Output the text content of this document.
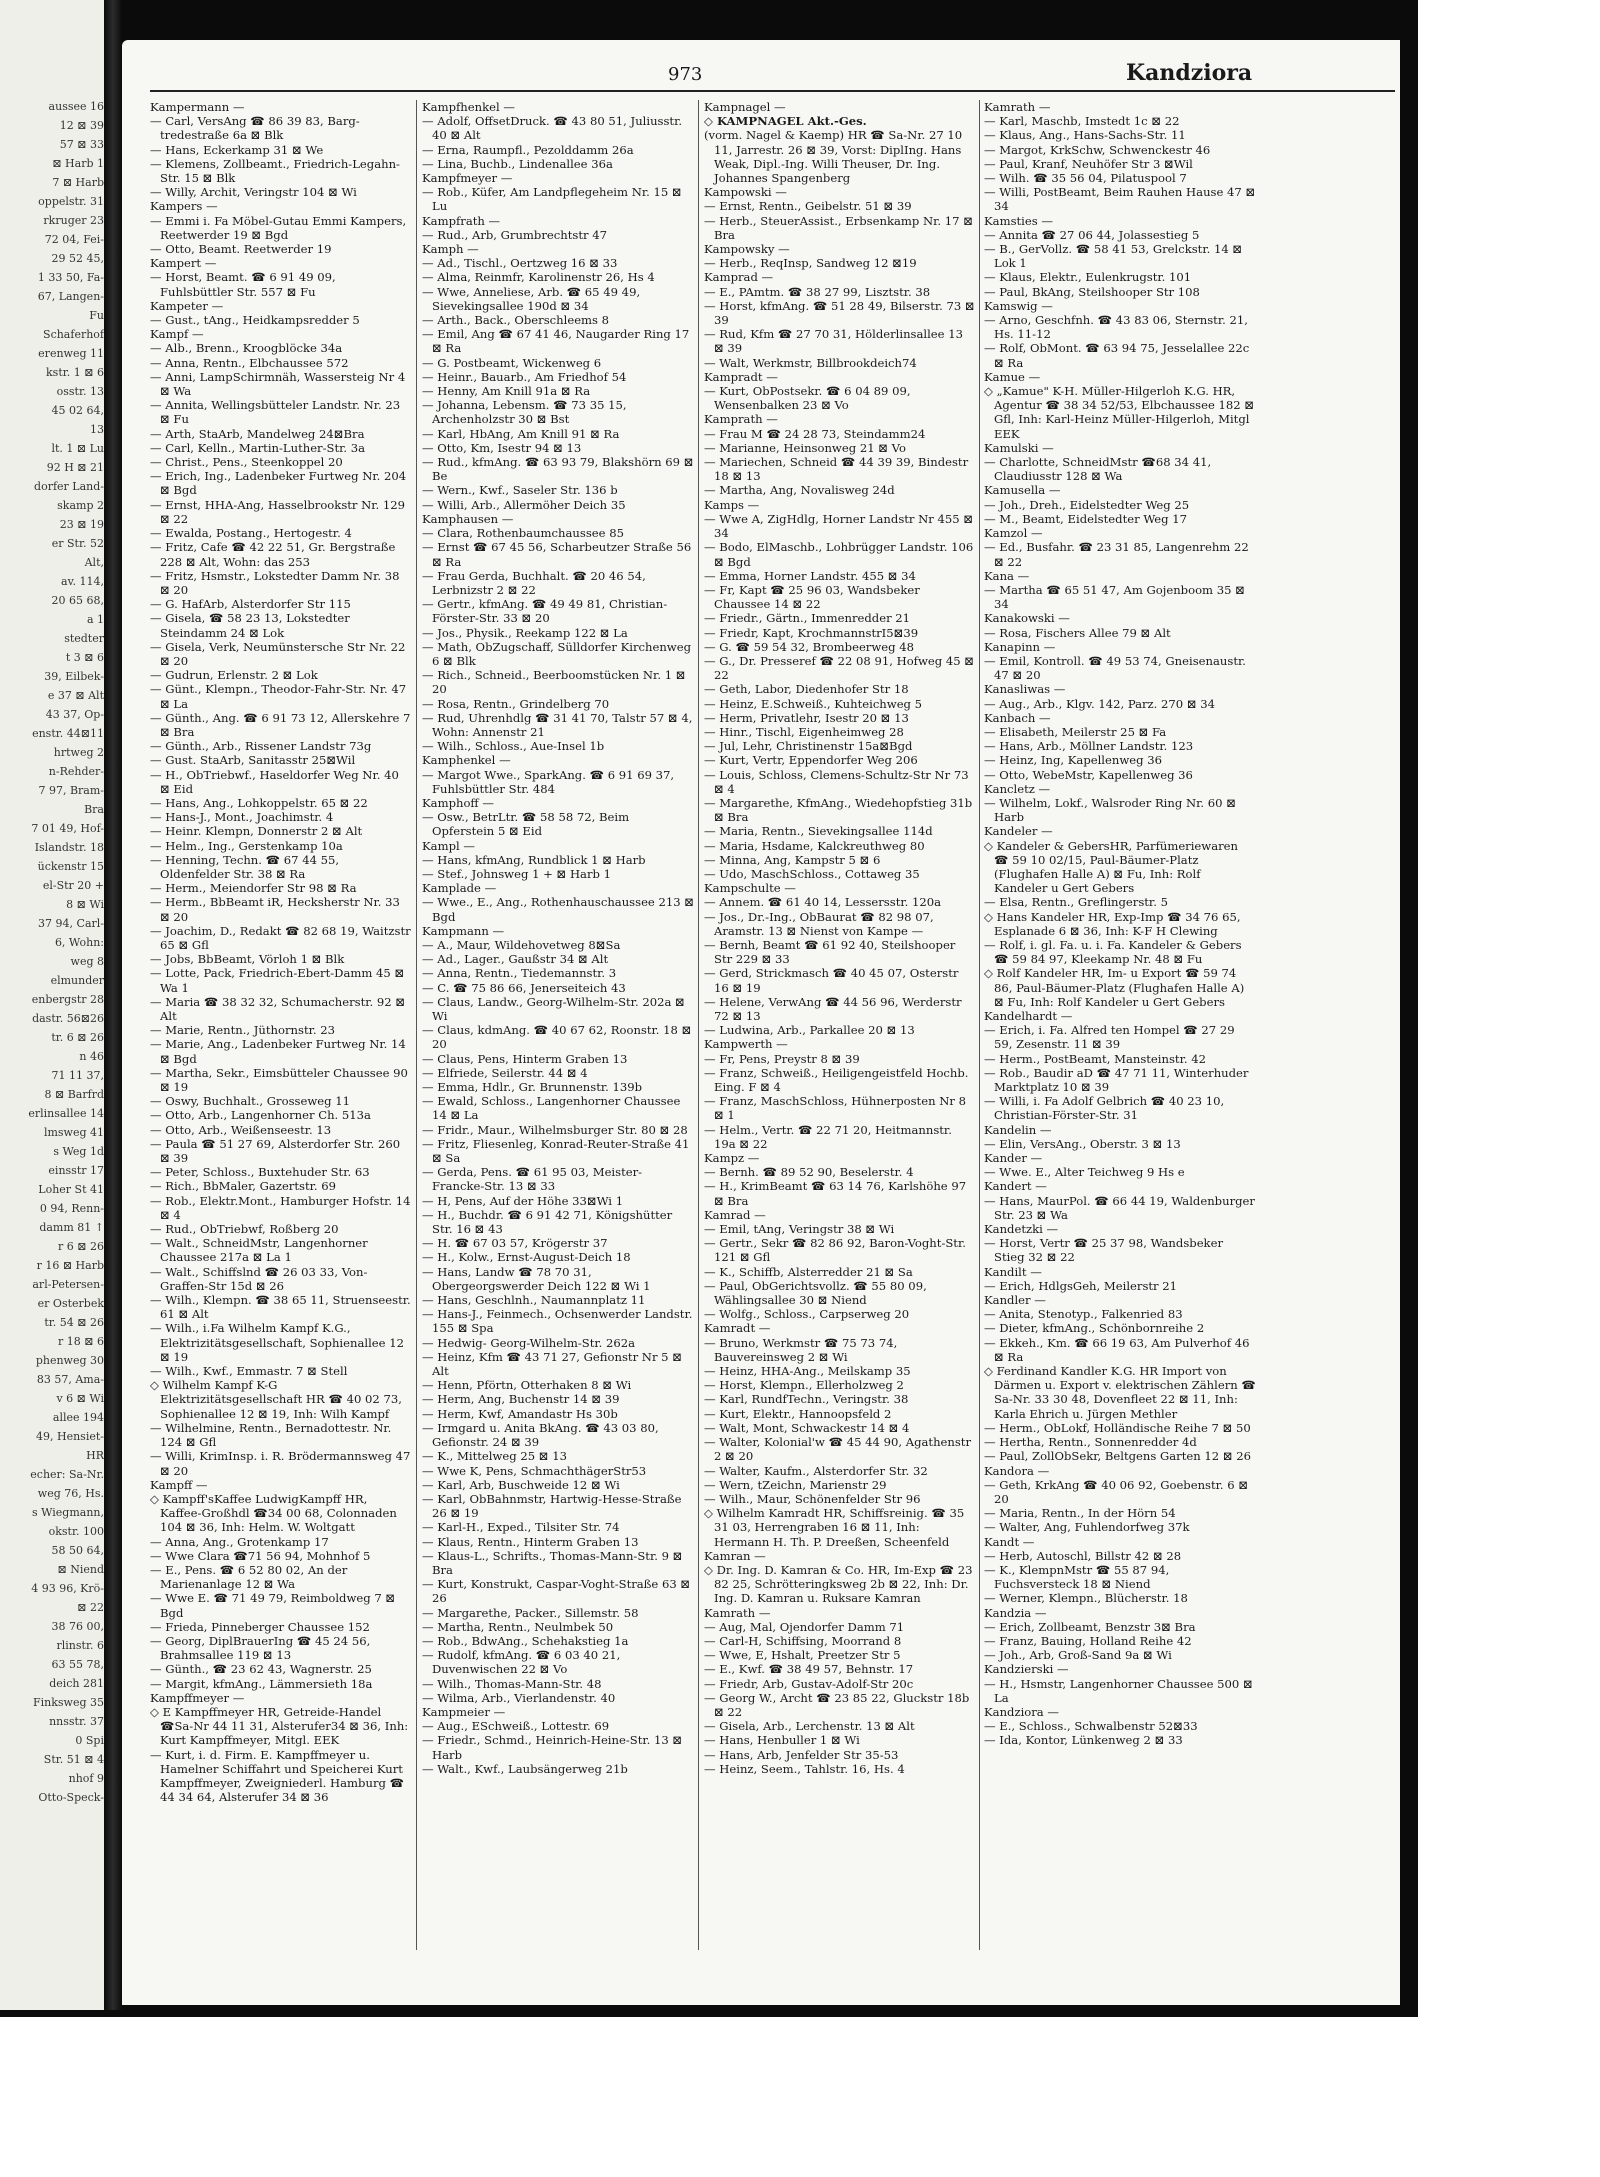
aussee 16
12 ⊠ 39
57 ⊠ 33
⊠ Harb 1
7 ⊠ Harb
oppelstr. 31
rkruger 23
72 04, Fei-
29 52 45,
1 33 50, Fa-
67, Langen-
Fu
Schaferhof
erenweg 11
kstr. 1 ⊠ 6
osstr. 13
45 02 64,
13
lt. 1 ⊠ Lu
92 H ⊠ 21
dorfer Land-
skamp 2
23 ⊠ 19
er Str. 52
Alt,
av. 114,
20 65 68,
a 1
stedter
t 3 ⊠ 6
39, Eilbek-
e 37 ⊠ Alt
43 37, Op-
enstr. 44⊠11
hrtweg 2
n-Rehder-
7 97, Bram-
Bra
7 01 49, Hof-
Islandstr. 18
ückenstr 15
el-Str 20 +
8 ⊠ Wi
37 94, Carl-
6, Wohn:
weg 8
elmunder
enbergstr 28
dastr. 56⊠26
tr. 6 ⊠ 26
n 46
71 11 37,
8 ⊠ Barfrd
erlinsallee 14
lmsweg 41
s Weg 1d
einsstr 17
Loher St 41
0 94, Renn-
damm 81 ↑
r 6 ⊠ 26
r 16 ⊠ Harb
arl-Petersen-
er Osterbek
tr. 54 ⊠ 26
r 18 ⊠ 6
phenweg 30
83 57, Ama-
v 6 ⊠ Wi
allee 194
49, Hensiet-
HR
echer: Sa-Nr.
weg 76, Hs.
s Wiegmann,
okstr. 100
58 50 64,
⊠ Niend
4 93 96, Krö-
⊠ 22
38 76 00,
rlinstr. 6
63 55 78,
deich 281
Finksweg 35
nnsstr. 37
0 Spi
Str. 51 ⊠ 4
nhof 9
Otto-Speck-
973	Kandziora

Kampermann —

— Carl, VersAng ☎ 86 39 83, Barg-tredestraße 6a ⊠ Blk

— Hans, Eckerkamp 31 ⊠ We

— Klemens, Zollbeamt., Friedrich-Legahn-Str. 15 ⊠ Blk

— Willy, Archit, Veringstr 104 ⊠ Wi

Kampers —

— Emmi i. Fa Möbel-Gutau Emmi Kampers, Reetwerder 19 ⊠ Bgd

— Otto, Beamt. Reetwerder 19

Kampert —

— Horst, Beamt. ☎ 6 91 49 09, Fuhlsbüttler Str. 557 ⊠ Fu

Kampeter —

— Gust., tAng., Heidkampsredder 5

Kampf —

— Alb., Brenn., Kroogblöcke 34a

— Anna, Rentn., Elbchaussee 572

— Anni, LampSchirmnäh, Wassersteig Nr 4 ⊠ Wa

— Annita, Wellingsbütteler Landstr. Nr. 23 ⊠ Fu

— Arth, StaArb, Mandelweg 24⊠Bra

— Carl, Kelln., Martin-Luther-Str. 3a

— Christ., Pens., Steenkoppel 20

— Erich, Ing., Ladenbeker Furtweg Nr. 204 ⊠ Bgd

— Ernst, HHA-Ang, Hasselbrookstr Nr. 129 ⊠ 22

— Ewalda, Postang., Hertogestr. 4

— Fritz, Cafe ☎ 42 22 51, Gr. Bergstraße 228 ⊠ Alt, Wohn: das 253

— Fritz, Hsmstr., Lokstedter Damm Nr. 38 ⊠ 20

— G. HafArb, Alsterdorfer Str 115

— Gisela, ☎ 58 23 13, Lokstedter Steindamm 24 ⊠ Lok

— Gisela, Verk, Neumünstersche Str Nr. 22 ⊠ 20

— Gudrun, Erlenstr. 2 ⊠ Lok

— Günt., Klempn., Theodor-Fahr-Str. Nr. 47 ⊠ La

— Günth., Ang. ☎ 6 91 73 12, Allerskehre 7 ⊠ Bra

— Günth., Arb., Rissener Landstr 73g

— Gust. StaArb, Sanitasstr 25⊠Wil

— H., ObTriebwf., Haseldorfer Weg Nr. 40 ⊠ Eid

— Hans, Ang., Lohkoppelstr. 65 ⊠ 22

— Hans-J., Mont., Joachimstr. 4

— Heinr. Klempn, Donnerstr 2 ⊠ Alt

— Helm., Ing., Gerstenkamp 10a

— Henning, Techn. ☎ 67 44 55, Oldenfelder Str. 38 ⊠ Ra

— Herm., Meiendorfer Str 98 ⊠ Ra

— Herm., BbBeamt iR, Hecksherstr Nr. 33 ⊠ 20

— Joachim, D., Redakt ☎ 82 68 19, Waitzstr 65 ⊠ Gfl

— Jobs, BbBeamt, Vörloh 1 ⊠ Blk

— Lotte, Pack, Friedrich-Ebert-Damm 45 ⊠ Wa 1

— Maria ☎ 38 32 32, Schumacherstr. 92 ⊠ Alt

— Marie, Rentn., Jüthornstr. 23

— Marie, Ang., Ladenbeker Furtweg Nr. 14 ⊠ Bgd

— Martha, Sekr., Eimsbütteler Chaussee 90 ⊠ 19

— Oswy, Buchhalt., Grosseweg 11

— Otto, Arb., Langenhorner Ch. 513a

— Otto, Arb., Weißenseestr. 13

— Paula ☎ 51 27 69, Alsterdorfer Str. 260 ⊠ 39

— Peter, Schloss., Buxtehuder Str. 63

— Rich., BbMaler, Gazertstr. 69

— Rob., Elektr.Mont., Hamburger Hofstr. 14 ⊠ 4

— Rud., ObTriebwf, Roßberg 20

— Walt., SchneidMstr, Langenhorner Chaussee 217a ⊠ La 1

— Walt., Schiffslnd ☎ 26 03 33, Von-Graffen-Str 15d ⊠ 26

— Wilh., Klempn. ☎ 38 65 11, Struenseestr. 61 ⊠ Alt

— Wilh., i.Fa Wilhelm Kampf K.G., Elektrizitätsgesellschaft, Sophienallee 12 ⊠ 19

— Wilh., Kwf., Emmastr. 7 ⊠ Stell

◇ Wilhelm Kampf K-G Elektrizitätsgesellschaft HR ☎ 40 02 73, Sophienallee 12 ⊠ 19, Inh: Wilh Kampf

— Wilhelmine, Rentn., Bernadottestr. Nr. 124 ⊠ Gfl

— Willi, KrimInsp. i. R. Brödermannsweg 47 ⊠ 20

Kampff —

◇ Kampff'sKaffee LudwigKampff HR, Kaffee-Großhdl ☎34 00 68, Colonnaden 104 ⊠ 36, Inh: Helm. W. Woltgatt

— Anna, Ang., Grotenkamp 17

— Wwe Clara ☎71 56 94, Mohnhof 5

— E., Pens. ☎ 6 52 80 02, An der Marienanlage 12 ⊠ Wa

— Wwe E. ☎ 71 49 79, Reimboldweg 7 ⊠ Bgd

— Frieda, Pinneberger Chaussee 152

— Georg, DiplBrauerIng ☎ 45 24 56, Brahmsallee 119 ⊠ 13

— Günth., ☎ 23 62 43, Wagnerstr. 25

— Margit, kfmAng., Lämmersieth 18a

Kampffmeyer —

◇ E Kampffmeyer HR, Getreide-Handel ☎Sa-Nr 44 11 31, Alsterufer34 ⊠ 36, Inh: Kurt Kampffmeyer, Mitgl. EEK

— Kurt, i. d. Firm. E. Kampffmeyer u. Hamelner Schiffahrt und Speicherei Kurt Kampffmeyer, Zweigniederl. Hamburg ☎ 44 34 64, Alsterufer 34 ⊠ 36

Kampfhenkel —

— Adolf, OffsetDruck. ☎ 43 80 51, Juliusstr. 40 ⊠ Alt

— Erna, Raumpfl., Pezolddamm 26a

— Lina, Buchb., Lindenallee 36a

Kampfmeyer —

— Rob., Küfer, Am Landpflegeheim Nr. 15 ⊠ Lu

Kampfrath —

— Rud., Arb, Grumbrechtstr 47

Kamph —

— Ad., Tischl., Oertzweg 16 ⊠ 33

— Alma, Reinmfr, Karolinenstr 26, Hs 4

— Wwe, Anneliese, Arb. ☎ 65 49 49, Sievekingsallee 190d ⊠ 34

— Arth., Back., Oberschleems 8

— Emil, Ang ☎ 67 41 46, Naugarder Ring 17 ⊠ Ra

— G. Postbeamt, Wickenweg 6

— Heinr., Bauarb., Am Friedhof 54

— Henny, Am Knill 91a ⊠ Ra

— Johanna, Lebensm. ☎ 73 35 15, Archenholzstr 30 ⊠ Bst

— Karl, HbAng, Am Knill 91 ⊠ Ra

— Otto, Km, Isestr 94 ⊠ 13

— Rud., kfmAng. ☎ 63 93 79, Blakshörn 69 ⊠ Be

— Wern., Kwf., Saseler Str. 136 b

— Willi, Arb., Allermöher Deich 35

Kamphausen —

— Clara, Rothenbaumchaussee 85

— Ernst ☎ 67 45 56, Scharbeutzer Straße 56 ⊠ Ra

— Frau Gerda, Buchhalt. ☎ 20 46 54, Lerbnizstr 2 ⊠ 22

— Gertr., kfmAng. ☎ 49 49 81, Christian-Förster-Str. 33 ⊠ 20

— Jos., Physik., Reekamp 122 ⊠ La

— Math, ObZugschaff, Sülldorfer Kirchenweg 6 ⊠ Blk

— Rich., Schneid., Beerboomstücken Nr. 1 ⊠ 20

— Rosa, Rentn., Grindelberg 70

— Rud, Uhrenhdlg ☎ 31 41 70, Talstr 57 ⊠ 4, Wohn: Annenstr 21

— Wilh., Schloss., Aue-Insel 1b

Kamphenkel —

— Margot Wwe., SparkAng. ☎ 6 91 69 37, Fuhlsbüttler Str. 484

Kamphoff —

— Osw., BetrLtr. ☎ 58 58 72, Beim Opferstein 5 ⊠ Eid

Kampl —

— Hans, kfmAng, Rundblick 1 ⊠ Harb

— Stef., Johnsweg 1 + ⊠ Harb 1

Kamplade —

— Wwe., E., Ang., Rothenhauschaussee 213 ⊠ Bgd

Kampmann —

— A., Maur, Wildehovetweg 8⊠Sa

— Ad., Lager., Gaußstr 34 ⊠ Alt

— Anna, Rentn., Tiedemannstr. 3

— C. ☎ 75 86 66, Jenerseiteich 43

— Claus, Landw., Georg-Wilhelm-Str. 202a ⊠ Wi

— Claus, kdmAng. ☎ 40 67 62, Roonstr. 18 ⊠ 20

— Claus, Pens, Hinterm Graben 13

— Elfriede, Seilerstr. 44 ⊠ 4

— Emma, Hdlr., Gr. Brunnenstr. 139b

— Ewald, Schloss., Langenhorner Chaussee 14 ⊠ La

— Fridr., Maur., Wilhelmsburger Str. 80 ⊠ 28

— Fritz, Fliesenleg, Konrad-Reuter-Straße 41 ⊠ Sa

— Gerda, Pens. ☎ 61 95 03, Meister-Francke-Str. 13 ⊠ 33

— H, Pens, Auf der Höhe 33⊠Wi 1

— H., Buchdr. ☎ 6 91 42 71, Königshütter Str. 16 ⊠ 43

— H. ☎ 67 03 57, Krögerstr 37

— H., Kolw., Ernst-August-Deich 18

— Hans, Landw ☎ 78 70 31, Obergeorgswerder Deich 122 ⊠ Wi 1

— Hans, Geschlnh., Naumannplatz 11

— Hans-J., Feinmech., Ochsenwerder Landstr. 155 ⊠ Spa

— Hedwig- Georg-Wilhelm-Str. 262a

— Heinz, Kfm ☎ 43 71 27, Gefionstr Nr 5 ⊠ Alt

— Henn, Pförtn, Otterhaken 8 ⊠ Wi

— Herm, Ang, Buchenstr 14 ⊠ 39

— Herm, Kwf, Amandastr Hs 30b

— Irmgard u. Anita BkAng. ☎ 43 03 80, Gefionstr. 24 ⊠ 39

— K., Mittelweg 25 ⊠ 13

— Wwe K, Pens, SchmachthägerStr53

— Karl, Arb, Buschweide 12 ⊠ Wi

— Karl, ObBahnmstr, Hartwig-Hesse-Straße 26 ⊠ 19

— Karl-H., Exped., Tilsiter Str. 74

— Klaus, Rentn., Hinterm Graben 13

— Klaus-L., Schrifts., Thomas-Mann-Str. 9 ⊠ Bra

— Kurt, Konstrukt, Caspar-Voght-Straße 63 ⊠ 26

— Margarethe, Packer., Sillemstr. 58

— Martha, Rentn., Neulmbek 50

— Rob., BdwAng., Schehakstieg 1a

— Rudolf, kfmAng. ☎ 6 03 40 21, Duvenwischen 22 ⊠ Vo

— Wilh., Thomas-Mann-Str. 48

— Wilma, Arb., Vierlandenstr. 40

Kampmeier —

— Aug., ESchweiß., Lottestr. 69

— Friedr., Schmd., Heinrich-Heine-Str. 13 ⊠ Harb

— Walt., Kwf., Laubsängerweg 21b

Kampnagel —

◇ KAMPNAGEL Akt.-Ges.

(vorm. Nagel & Kaemp) HR ☎ Sa-Nr. 27 10 11, Jarrestr. 26 ⊠ 39, Vorst: DiplIng. Hans Weak, Dipl.-Ing. Willi Theuser, Dr. Ing. Johannes Spangenberg

Kampowski —

— Ernst, Rentn., Geibelstr. 51 ⊠ 39

— Herb., SteuerAssist., Erbsenkamp Nr. 17 ⊠ Bra

Kampowsky —

— Herb., ReqInsp, Sandweg 12 ⊠19

Kamprad —

— E., PAmtm. ☎ 38 27 99, Lisztstr. 38

— Horst, kfmAng. ☎ 51 28 49, Bilserstr. 73 ⊠ 39

— Rud, Kfm ☎ 27 70 31, Hölderlinsallee 13 ⊠ 39

— Walt, Werkmstr, Billbrookdeich74

Kampradt —

— Kurt, ObPostsekr. ☎ 6 04 89 09, Wensenbalken 23 ⊠ Vo

Kamprath —

— Frau M ☎ 24 28 73, Steindamm24

— Marianne, Heinsonweg 21 ⊠ Vo

— Mariechen, Schneid ☎ 44 39 39, Bindestr 18 ⊠ 13

— Martha, Ang, Novalisweg 24d

Kamps —

— Wwe A, ZigHdlg, Horner Landstr Nr 455 ⊠ 34

— Bodo, ElMaschb., Lohbrügger Landstr. 106 ⊠ Bgd

— Emma, Horner Landstr. 455 ⊠ 34

— Fr, Kapt ☎ 25 96 03, Wandsbeker Chaussee 14 ⊠ 22

— Friedr., Gärtn., Immenredder 21

— Friedr, Kapt, KrochmannstrI5⊠39

— G. ☎ 59 54 32, Brombeerweg 48

— G., Dr. Presseref ☎ 22 08 91, Hofweg 45 ⊠ 22

— Geth, Labor, Diedenhofer Str 18

— Heinz, E.Schweiß., Kuhteichweg 5

— Herm, Privatlehr, Isestr 20 ⊠ 13

— Hinr., Tischl, Eigenheimweg 28

— Jul, Lehr, Christinenstr 15a⊠Bgd

— Kurt, Vertr, Eppendorfer Weg 206

— Louis, Schloss, Clemens-Schultz-Str Nr 73 ⊠ 4

— Margarethe, KfmAng., Wiedehopfstieg 31b ⊠ Bra

— Maria, Rentn., Sievekingsallee 114d

— Maria, Hsdame, Kalckreuthweg 80

— Minna, Ang, Kampstr 5 ⊠ 6

— Udo, MaschSchloss., Cottaweg 35

Kampschulte —

— Annem. ☎ 61 40 14, Lessersstr. 120a

— Jos., Dr.-Ing., ObBaurat ☎ 82 98 07, Aramstr. 13 ⊠ Nienst von Kampe —

— Bernh, Beamt ☎ 61 92 40, Steilshooper Str 229 ⊠ 33

— Gerd, Strickmasch ☎ 40 45 07, Osterstr 16 ⊠ 19

— Helene, VerwAng ☎ 44 56 96, Werderstr 72 ⊠ 13

— Ludwina, Arb., Parkallee 20 ⊠ 13

Kampwerth —

— Fr, Pens, Preystr 8 ⊠ 39

— Franz, Schweiß., Heiligengeistfeld Hochb. Eing. F ⊠ 4

— Franz, MaschSchloss, Hühnerposten Nr 8 ⊠ 1

— Helm., Vertr. ☎ 22 71 20, Heitmannstr. 19a ⊠ 22

Kampz —

— Bernh. ☎ 89 52 90, Beselerstr. 4

— H., KrimBeamt ☎ 63 14 76, Karlshöhe 97 ⊠ Bra

Kamrad —

— Emil, tAng, Veringstr 38 ⊠ Wi

— Gertr., Sekr ☎ 82 86 92, Baron-Voght-Str. 121 ⊠ Gfl

— K., Schiffb, Alsterredder 21 ⊠ Sa

— Paul, ObGerichtsvollz. ☎ 55 80 09, Wählingsallee 30 ⊠ Niend

— Wolfg., Schloss., Carpserweg 20

Kamradt —

— Bruno, Werkmstr ☎ 75 73 74, Bauvereinsweg 2 ⊠ Wi

— Heinz, HHA-Ang., Meilskamp 35

— Horst, Klempn., Ellerholzweg 2

— Karl, RundfTechn., Veringstr. 38

— Kurt, Elektr., Hannoopsfeld 2

— Walt, Mont, Schwackestr 14 ⊠ 4

— Walter, Kolonial'w ☎ 45 44 90, Agathenstr 2 ⊠ 20

— Walter, Kaufm., Alsterdorfer Str. 32

— Wern, tZeichn, Marienstr 29

— Wilh., Maur, Schönenfelder Str 96

◇ Wilhelm Kamradt HR, Schiffsreinig. ☎ 35 31 03, Herrengraben 16 ⊠ 11, Inh: Hermann H. Th. P. Dreeßen, Scheenfeld

Kamran —

◇ Dr. Ing. D. Kamran & Co. HR, Im-Exp ☎ 23 82 25, Schrötteringksweg 2b ⊠ 22, Inh: Dr. Ing. D. Kamran u. Ruksare Kamran

Kamrath —

— Aug, Mal, Ojendorfer Damm 71

— Carl-H, Schiffsing, Moorrand 8

— Wwe, E, Hshalt, Preetzer Str 5

— E., Kwf. ☎ 38 49 57, Behnstr. 17

— Friedr, Arb, Gustav-Adolf-Str 20c

— Georg W., Archt ☎ 23 85 22, Gluckstr 18b ⊠ 22

— Gisela, Arb., Lerchenstr. 13 ⊠ Alt

— Hans, Henbuller 1 ⊠ Wi

— Hans, Arb, Jenfelder Str 35-53

— Heinz, Seem., Tahlstr. 16, Hs. 4

Kamrath —

— Karl, Maschb, Imstedt 1c ⊠ 22

— Klaus, Ang., Hans-Sachs-Str. 11

— Margot, KrkSchw, Schwenckestr 46

— Paul, Kranf, Neuhöfer Str 3 ⊠Wil

— Wilh. ☎ 35 56 04, Pilatuspool 7

— Willi, PostBeamt, Beim Rauhen Hause 47 ⊠ 34

Kamsties —

— Annita ☎ 27 06 44, Jolassestieg 5

— B., GerVollz. ☎ 58 41 53, Grelckstr. 14 ⊠ Lok 1

— Klaus, Elektr., Eulenkrugstr. 101

— Paul, BkAng, Steilshooper Str 108

Kamswig —

— Arno, Geschfnh. ☎ 43 83 06, Sternstr. 21, Hs. 11-12

— Rolf, ObMont. ☎ 63 94 75, Jesselallee 22c ⊠ Ra

Kamue —

◇ „Kamue" K-H. Müller-Hilgerloh K.G. HR, Agentur ☎ 38 34 52/53, Elbchaussee 182 ⊠ Gfl, Inh: Karl-Heinz Müller-Hilgerloh, Mitgl EEK

Kamulski —

— Charlotte, SchneidMstr ☎68 34 41, Claudiusstr 128 ⊠ Wa

Kamusella —

— Joh., Dreh., Eidelstedter Weg 25

— M., Beamt, Eidelstedter Weg 17

Kamzol —

— Ed., Busfahr. ☎ 23 31 85, Langenrehm 22 ⊠ 22

Kana —

— Martha ☎ 65 51 47, Am Gojenboom 35 ⊠ 34

Kanakowski —

— Rosa, Fischers Allee 79 ⊠ Alt

Kanapinn —

— Emil, Kontroll. ☎ 49 53 74, Gneisenaustr. 47 ⊠ 20

Kanasliwas —

— Aug., Arb., Klgv. 142, Parz. 270 ⊠ 34

Kanbach —

— Elisabeth, Meilerstr 25 ⊠ Fa

— Hans, Arb., Möllner Landstr. 123

— Heinz, Ing, Kapellenweg 36

— Otto, WebeMstr, Kapellenweg 36

Kancletz —

— Wilhelm, Lokf., Walsroder Ring Nr. 60 ⊠ Harb

Kandeler —

◇ Kandeler & GebersHR, Parfümeriewaren ☎ 59 10 02/15, Paul-Bäumer-Platz (Flughafen Halle A) ⊠ Fu, Inh: Rolf Kandeler u Gert Gebers

— Elsa, Rentn., Greflingerstr. 5

◇ Hans Kandeler HR, Exp-Imp ☎ 34 76 65, Esplanade 6 ⊠ 36, Inh: K-F H Clewing

— Rolf, i. gl. Fa. u. i. Fa. Kandeler & Gebers ☎ 59 84 97, Kleekamp Nr. 48 ⊠ Fu

◇ Rolf Kandeler HR, Im- u Export ☎ 59 74 86, Paul-Bäumer-Platz (Flughafen Halle A) ⊠ Fu, Inh: Rolf Kandeler u Gert Gebers

Kandelhardt —

— Erich, i. Fa. Alfred ten Hompel ☎ 27 29 59, Zesenstr. 11 ⊠ 39

— Herm., PostBeamt, Mansteinstr. 42

— Rob., Baudir aD ☎ 47 71 11, Winterhuder Marktplatz 10 ⊠ 39

— Willi, i. Fa Adolf Gelbrich ☎ 40 23 10, Christian-Förster-Str. 31

Kandelin —

— Elin, VersAng., Oberstr. 3 ⊠ 13

Kander —

— Wwe. E., Alter Teichweg 9 Hs e

Kandert —

— Hans, MaurPol. ☎ 66 44 19, Waldenburger Str. 23 ⊠ Wa

Kandetzki —

— Horst, Vertr ☎ 25 37 98, Wandsbeker Stieg 32 ⊠ 22

Kandilt —

— Erich, HdlgsGeh, Meilerstr 21

Kandler —

— Anita, Stenotyp., Falkenried 83

— Dieter, kfmAng., Schönbornreihe 2

— Ekkeh., Km. ☎ 66 19 63, Am Pulverhof 46 ⊠ Ra

◇ Ferdinand Kandler K.G. HR Import von Därmen u. Export v. elektrischen Zählern ☎ Sa-Nr. 33 30 48, Dovenfleet 22 ⊠ 11, Inh: Karla Ehrich u. Jürgen Methler

— Herm., ObLokf, Holländische Reihe 7 ⊠ 50

— Hertha, Rentn., Sonnenredder 4d

— Paul, ZollObSekr, Beltgens Garten 12 ⊠ 26

Kandora —

— Geth, KrkAng ☎ 40 06 92, Goebenstr. 6 ⊠ 20

— Maria, Rentn., In der Hörn 54

— Walter, Ang, Fuhlendorfweg 37k

Kandt —

— Herb, Autoschl, Billstr 42 ⊠ 28

— K., KlempnMstr ☎ 55 87 94, Fuchsversteck 18 ⊠ Niend

— Werner, Klempn., Blücherstr. 18

Kandzia —

— Erich, Zollbeamt, Benzstr 3⊠ Bra

— Franz, Bauing, Holland Reihe 42

— Joh., Arb, Groß-Sand 9a ⊠ Wi

Kandzierski —

— H., Hsmstr, Langenhorner Chaussee 500 ⊠ La

Kandziora —

— E., Schloss., Schwalbenstr 52⊠33

— Ida, Kontor, Lünkenweg 2 ⊠ 33
